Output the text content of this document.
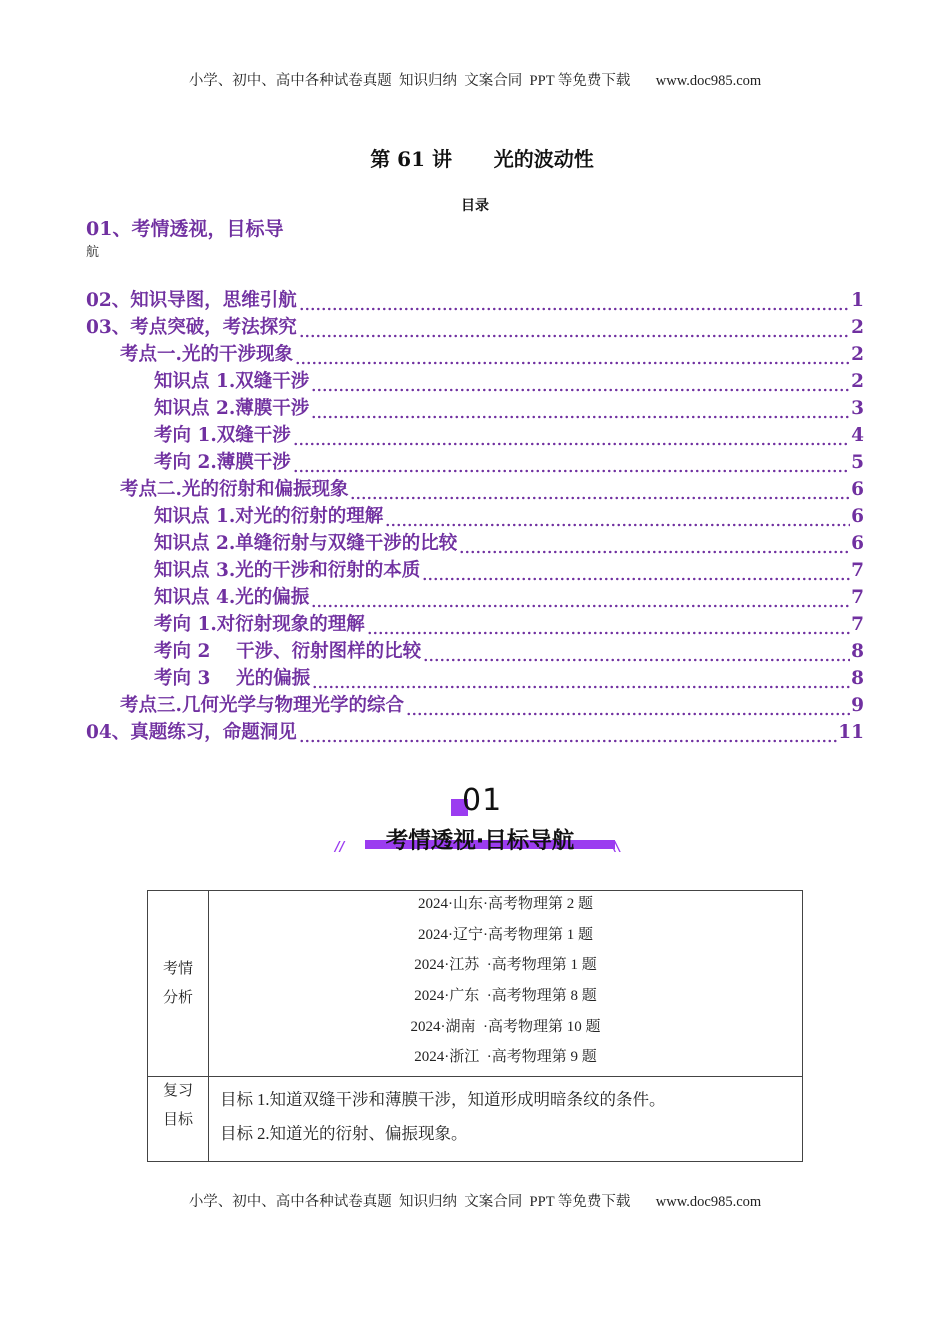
小学、初中、高中各种试卷真题  知识归纳  文案合同  PPT 等免费下载       www.doc985.com
第 61 讲      光的波动性
目录
01、考情透视，目标导
航
02、知识导图，思维引航	1
03、考点突破，考法探究	2
考点一.光的干涉现象	2
知识点 1.双缝干涉	2
知识点 2.薄膜干涉	3
考向 1.双缝干涉	4
考向 2.薄膜干涉	5
考点二.光的衍射和偏振现象	6
知识点 1.对光的衍射的理解	6
知识点 2.单缝衍射与双缝干涉的比较	6
知识点 3.光的干涉和衍射的本质	7
知识点 4.光的偏振	7
考向 1.对衍射现象的理解	7
考向 2    干涉、衍射图样的比较	8
考向 3    光的偏振	8
考点三.几何光学与物理光学的综合	9
04、真题练习，命题洞见	11
01
//	考情透视·目标导航	//
考情
分析

2024·山东·高考物理第 2 题
2024·辽宁·高考物理第 1 题
2024·江苏  ·高考物理第 1 题
2024·广东  ·高考物理第 8 题
2024·湖南  ·高考物理第 10 题
2024·浙江  ·高考物理第 9 题

复习
目标

目标 1.知道双缝干涉和薄膜干涉，知道形成明暗条纹的条件。
目标 2.知道光的衍射、偏振现象。
小学、初中、高中各种试卷真题  知识归纳  文案合同  PPT 等免费下载       www.doc985.com
